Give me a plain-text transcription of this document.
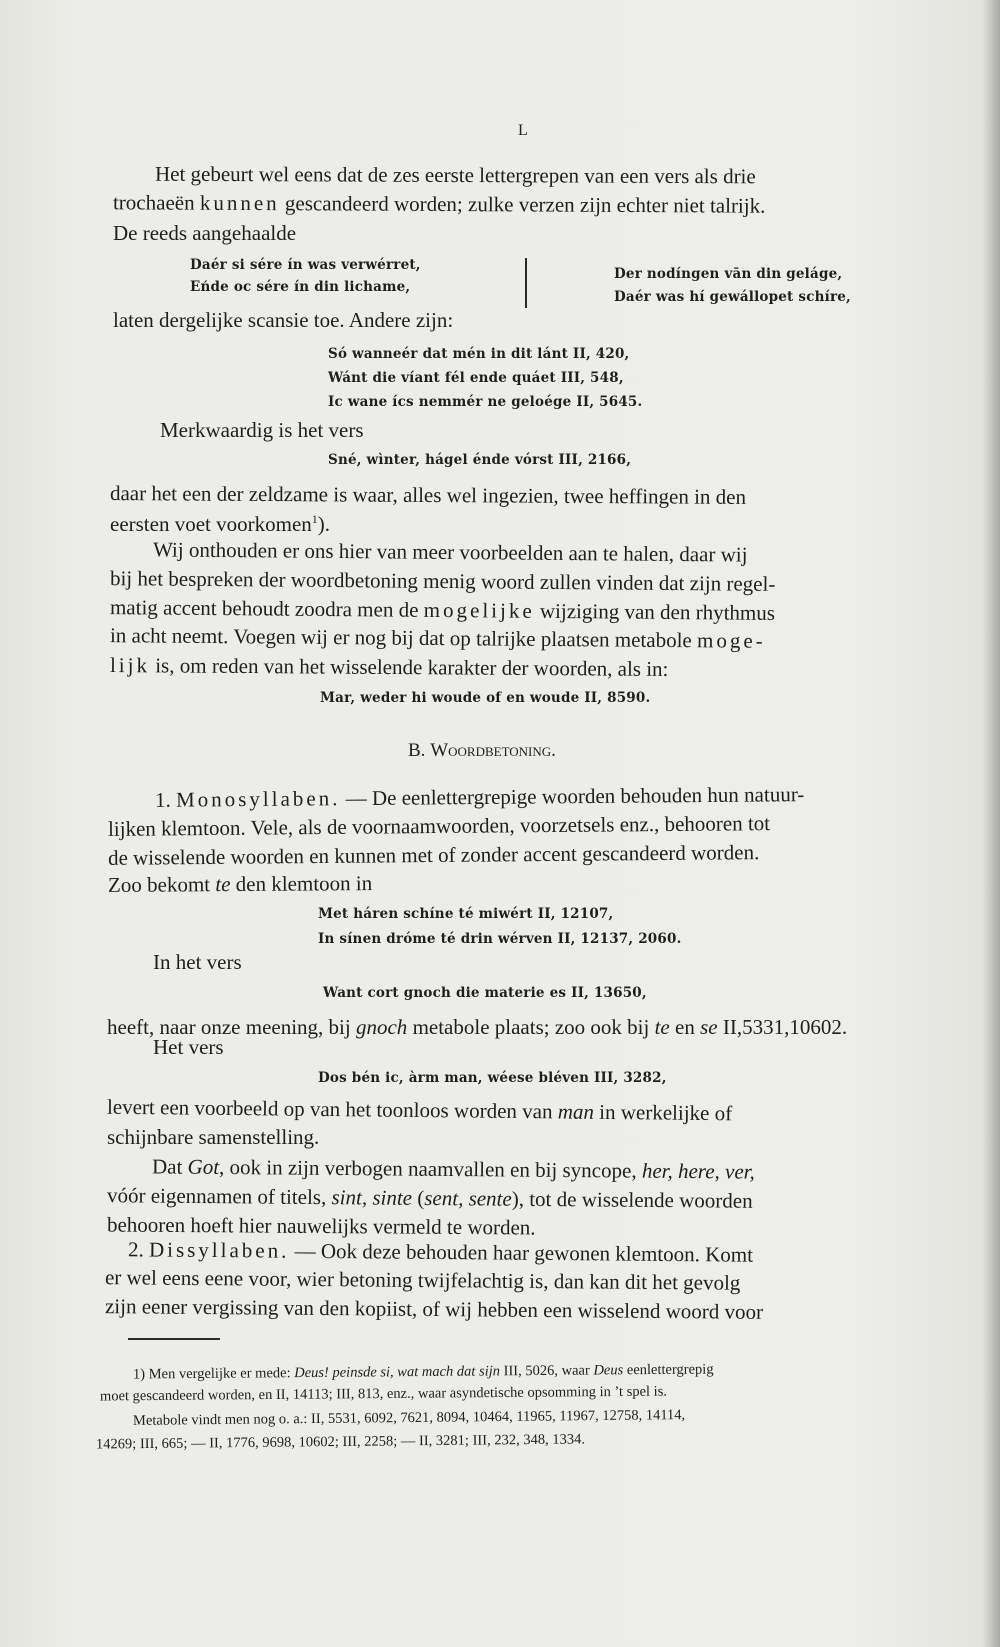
L
Het gebeurt wel eens dat de zes eerste lettergrepen van een vers als drie
trochaeën kunnen gescandeerd worden; zulke verzen zijn echter niet talrijk.
De reeds aangehaalde
Daér si sére ín was verwérret,
Eńde oc sére ín din lichame,
Der nodíngen vān din geláge,
Daér was hí gewállopet schíre,
laten dergelijke scansie toe. Andere zijn:
Só wanneér dat mén in dit lánt II, 420,
Wánt die víant fél ende quáet III, 548,
Ic wane ícs nemmér ne geloége II, 5645.
Merkwaardig is het vers
Sné, wìnter, hágel énde vórst III, 2166,
daar het een der zeldzame is waar, alles wel ingezien, twee heffingen in den
eersten voet voorkomen$^1$).
Wij onthouden er ons hier van meer voorbeelden aan te halen, daar wij
bij het bespreken der woordbetoning menig woord zullen vinden dat zijn regel-
matig accent behoudt zoodra men de mogelijke wijziging van den rhythmus
in acht neemt. Voegen wij er nog bij dat op talrijke plaatsen metabole moge-
lijk is, om reden van het wisselende karakter der woorden, als in:
Mar, weder hi woude of en woude II, 8590.
B. Woordbetoning.
1. Monosyllaben. — De eenlettergrepige woorden behouden hun natuur-
lijken klemtoon. Vele, als de voornaamwoorden, voorzetsels enz., behooren tot
de wisselende woorden en kunnen met of zonder accent gescandeerd worden.
Zoo bekomt te den klemtoon in
Met háren schíne té miwért II, 12107,
In sínen dróme té drin wérven II, 12137, 2060.
In het vers
Want cort gnoch die materie es II, 13650,
heeft, naar onze meening, bij gnoch metabole plaats; zoo ook bij te en se II,5331,10602.
Het vers
Dos bén ic, àrm man, wéese bléven III, 3282,
levert een voorbeeld op van het toonloos worden van man in werkelijke of
schijnbare samenstelling.
Dat Got, ook in zijn verbogen naamvallen en bij syncope, her, here, ver,
vóór eigennamen of titels, sint, sinte (sent, sente), tot de wisselende woorden
behooren hoeft hier nauwelijks vermeld te worden.
2. Dissyllaben. — Ook deze behouden haar gewonen klemtoon. Komt
er wel eens eene voor, wier betoning twijfelachtig is, dan kan dit het gevolg
zijn eener vergissing van den kopiist, of wij hebben een wisselend woord voor
1) Men vergelijke er mede: Deus! peinsde si, wat mach dat sijn III, 5026, waar Deus eenlettergrepig
moet gescandeerd worden, en II, 14113; III, 813, enz., waar asyndetische opsomming in ’t spel is.
Metabole vindt men nog o. a.: II, 5531, 6092, 7621, 8094, 10464, 11965, 11967, 12758, 14114,
14269; III, 665; — II, 1776, 9698, 10602; III, 2258; — II, 3281; III, 232, 348, 1334.
